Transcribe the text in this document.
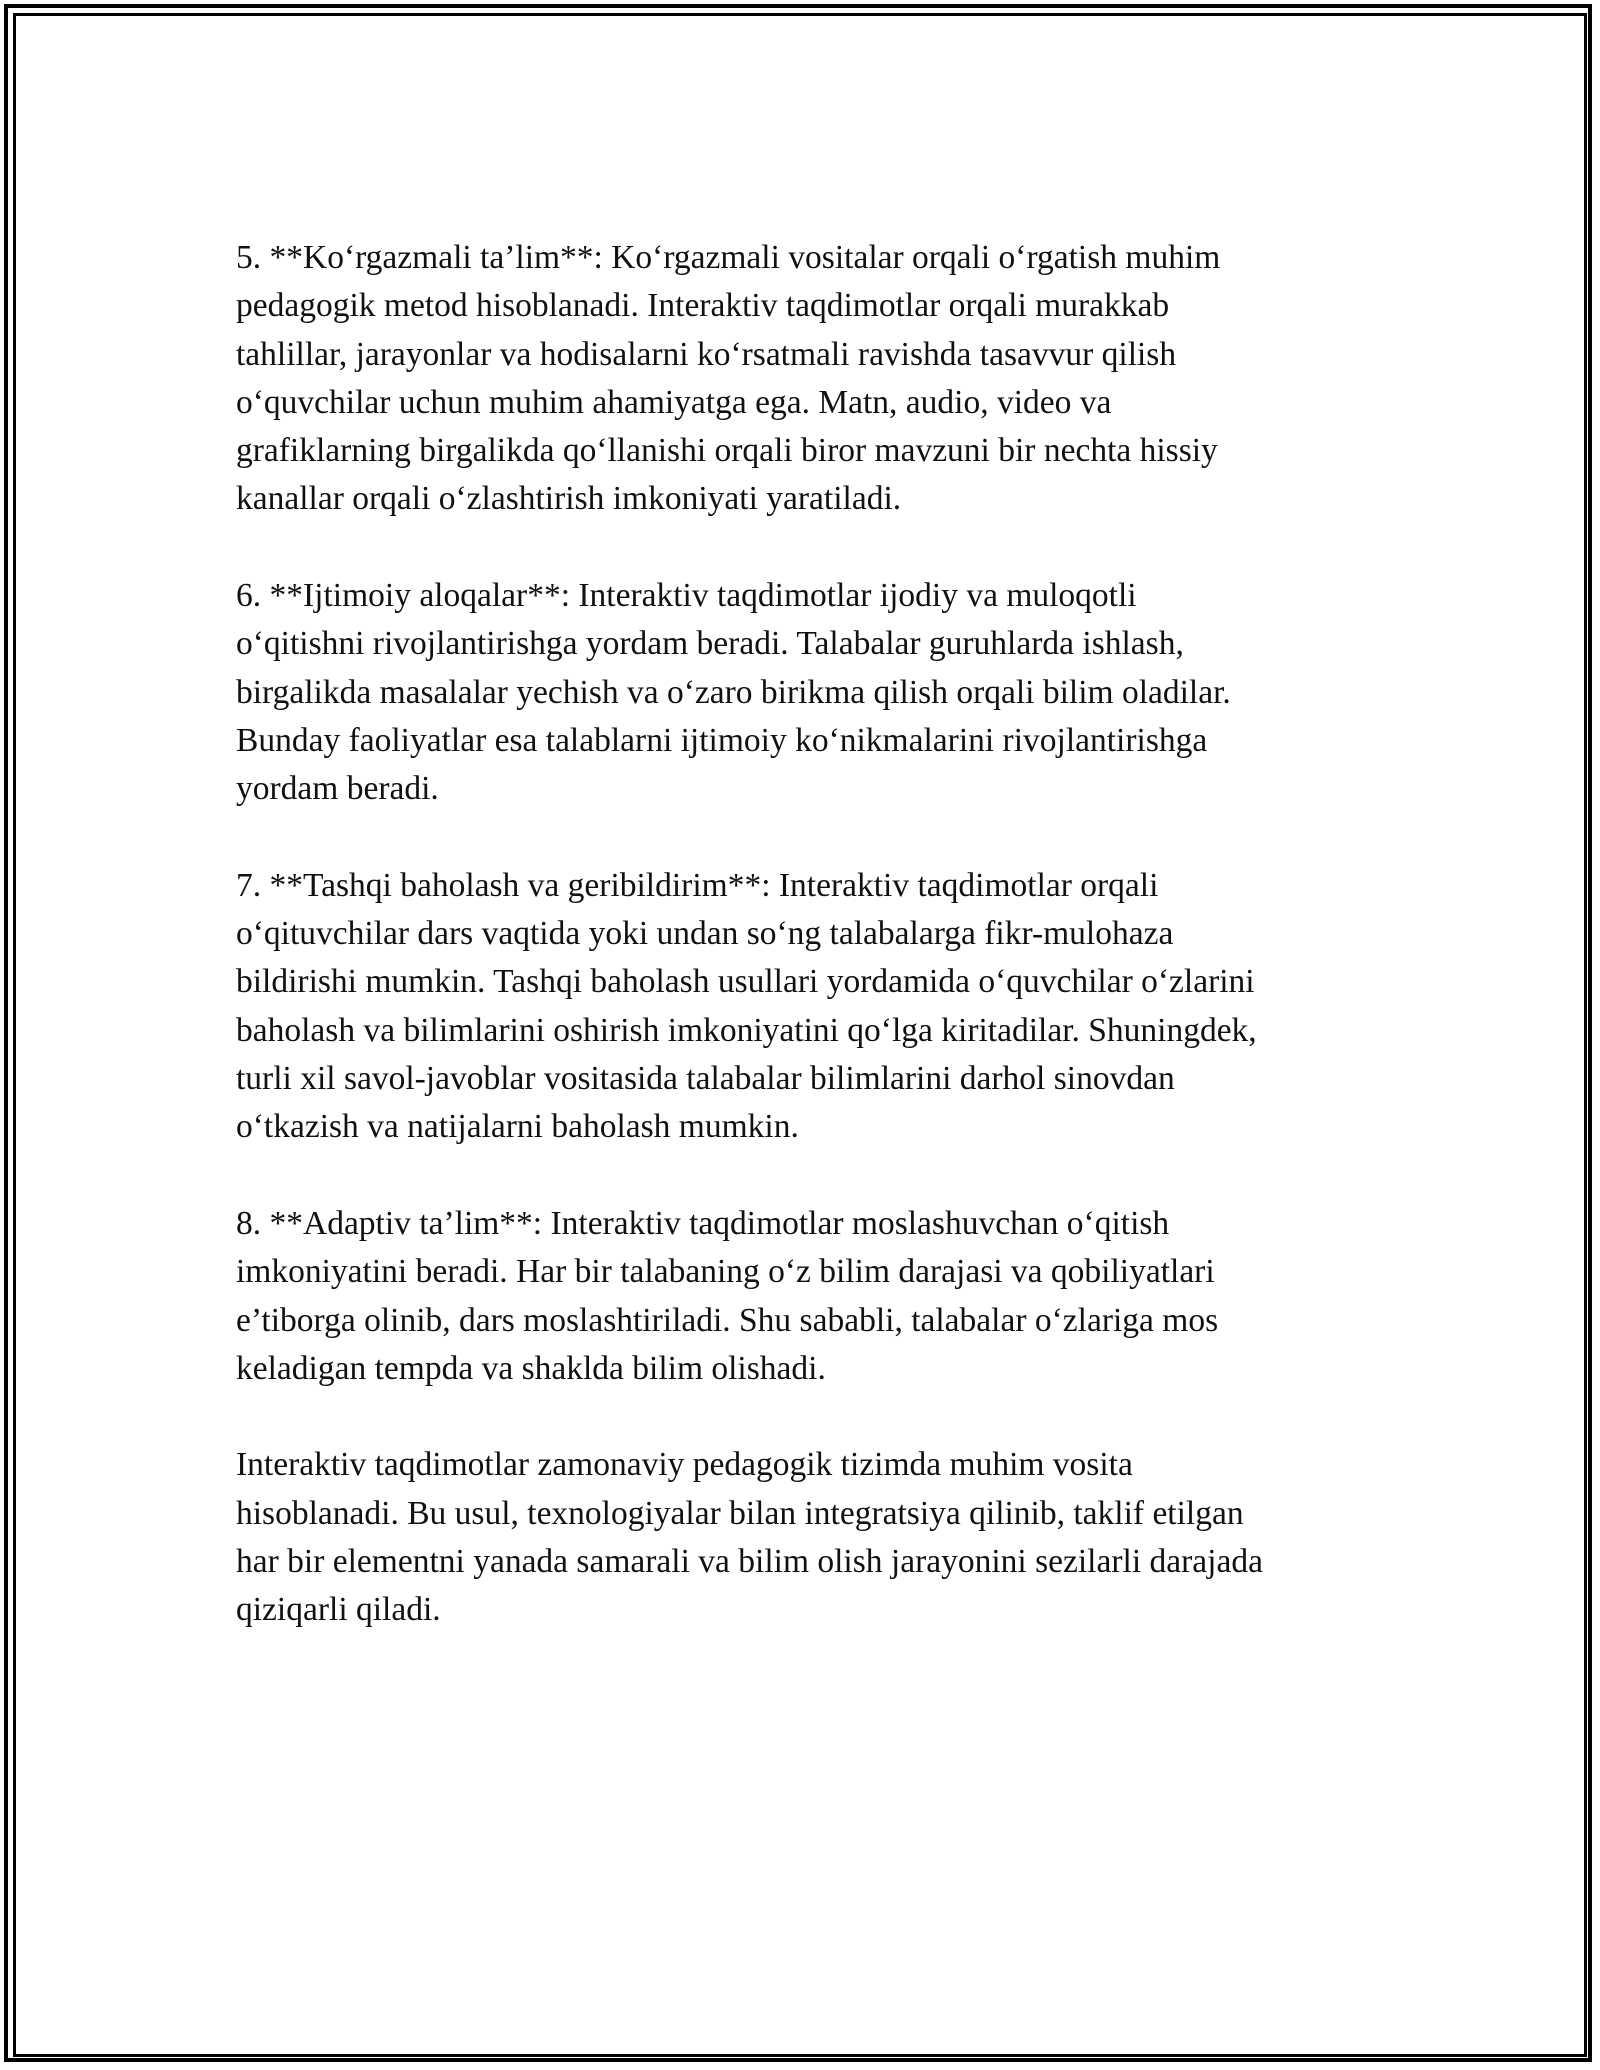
5. **Ko‘rgazmali ta’lim**: Ko‘rgazmali vositalar orqali o‘rgatish muhim
pedagogik metod hisoblanadi. Interaktiv taqdimotlar orqali murakkab
tahlillar, jarayonlar va hodisalarni ko‘rsatmali ravishda tasavvur qilish
o‘quvchilar uchun muhim ahamiyatga ega. Matn, audio, video va
grafiklarning birgalikda qo‘llanishi orqali biror mavzuni bir nechta hissiy
kanallar orqali o‘zlashtirish imkoniyati yaratiladi.

6. **Ijtimoiy aloqalar**: Interaktiv taqdimotlar ijodiy va muloqotli
o‘qitishni rivojlantirishga yordam beradi. Talabalar guruhlarda ishlash,
birgalikda masalalar yechish va o‘zaro birikma qilish orqali bilim oladilar.
Bunday faoliyatlar esa talablarni ijtimoiy ko‘nikmalarini rivojlantirishga
yordam beradi.

7. **Tashqi baholash va geribildirim**: Interaktiv taqdimotlar orqali
o‘qituvchilar dars vaqtida yoki undan so‘ng talabalarga fikr-mulohaza
bildirishi mumkin. Tashqi baholash usullari yordamida o‘quvchilar o‘zlarini
baholash va bilimlarini oshirish imkoniyatini qo‘lga kiritadilar. Shuningdek,
turli xil savol-javoblar vositasida talabalar bilimlarini darhol sinovdan
o‘tkazish va natijalarni baholash mumkin.

8. **Adaptiv ta’lim**: Interaktiv taqdimotlar moslashuvchan o‘qitish
imkoniyatini beradi. Har bir talabaning o‘z bilim darajasi va qobiliyatlari
e’tiborga olinib, dars moslashtiriladi. Shu sababli, talabalar o‘zlariga mos
keladigan tempda va shaklda bilim olishadi.

Interaktiv taqdimotlar zamonaviy pedagogik tizimda muhim vosita
hisoblanadi. Bu usul, texnologiyalar bilan integratsiya qilinib, taklif etilgan
har bir elementni yanada samarali va bilim olish jarayonini sezilarli darajada
qiziqarli qiladi.
